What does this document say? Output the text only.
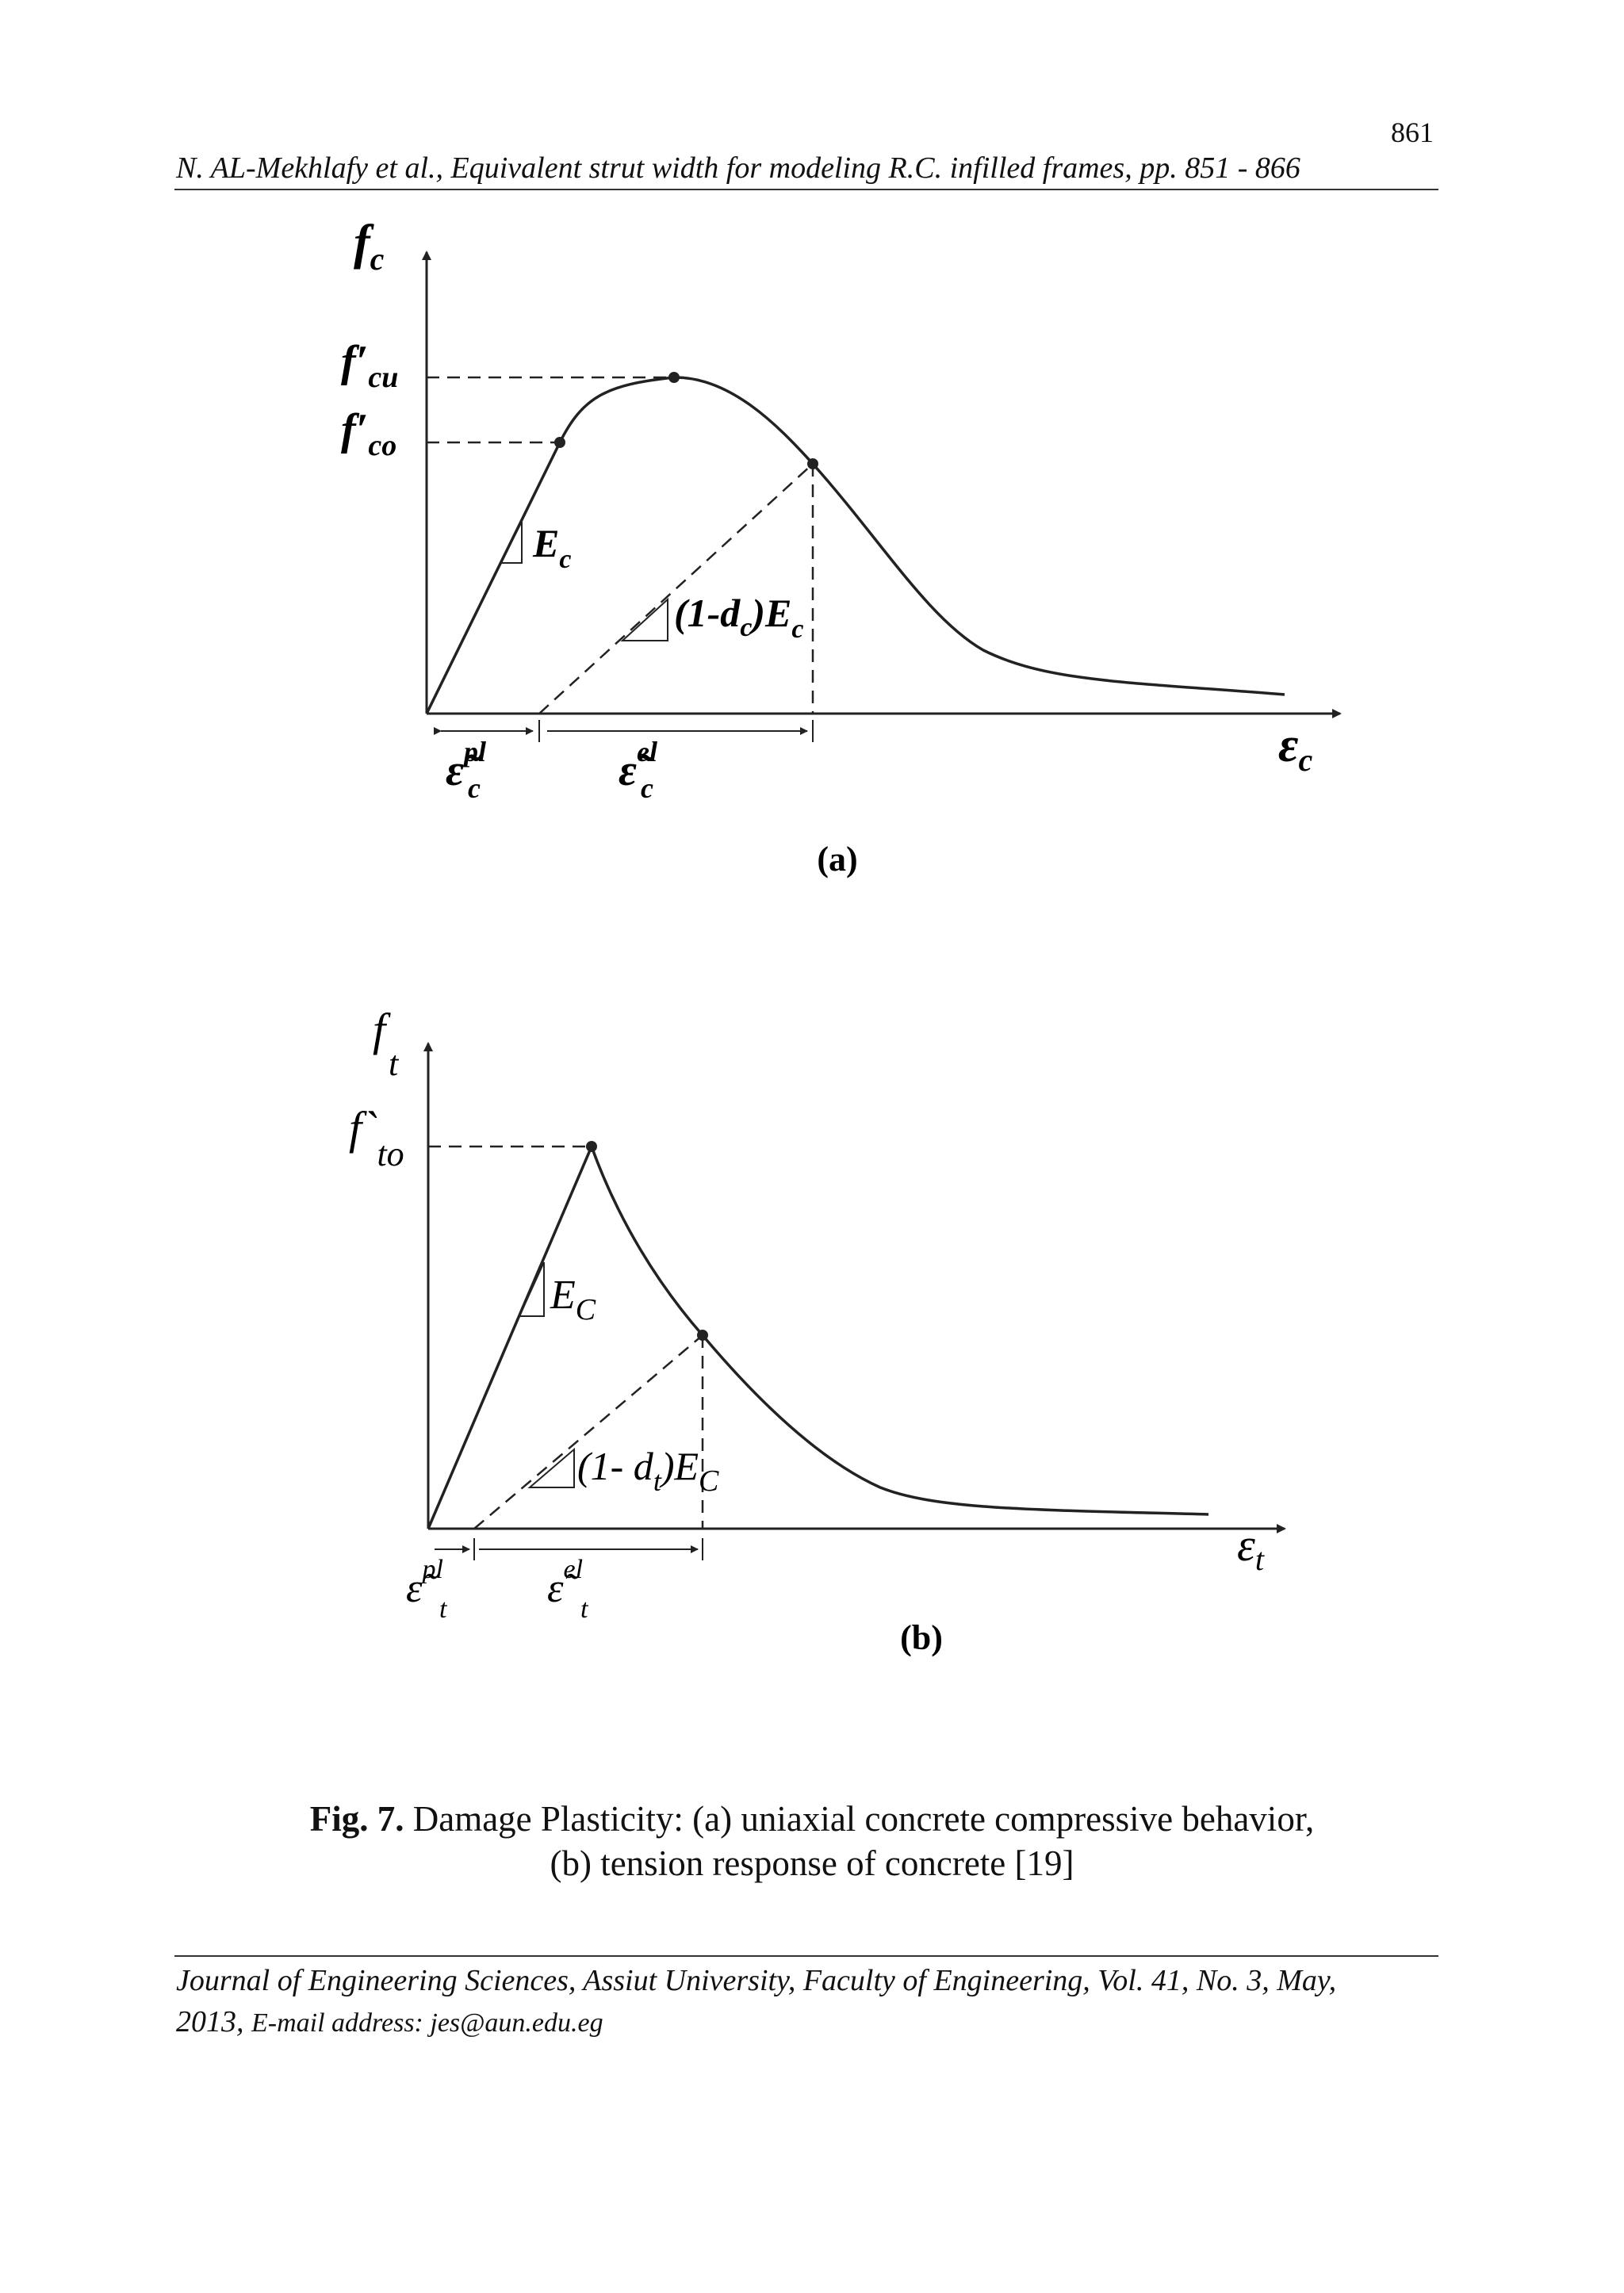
861
N. AL-Mekhlafy et al., Equivalent strut width for modeling R.C. infilled frames, pp. 851 - 866
$f_c$
$f'_{cu}$
$f'_{co}$
$E_c$
$(1-d_c)E_c$
εc
ε̃$^{pl}$ c	ε̃$^{el}$ c
(a)
ft
$f`_{to}$
$E_C$
(1- $d_t)E_C$
$\varepsilon_t$
ε̃$^{pl}$ t ε̃$^{el}$ t
(b)
Fig. 7. Damage Plasticity: (a) uniaxial concrete compressive behavior,
(b) tension response of concrete [19]
Journal of Engineering Sciences, Assiut University, Faculty of Engineering, Vol. 41, No. 3, May,
2013, E-mail address: jes@aun.edu.eg
